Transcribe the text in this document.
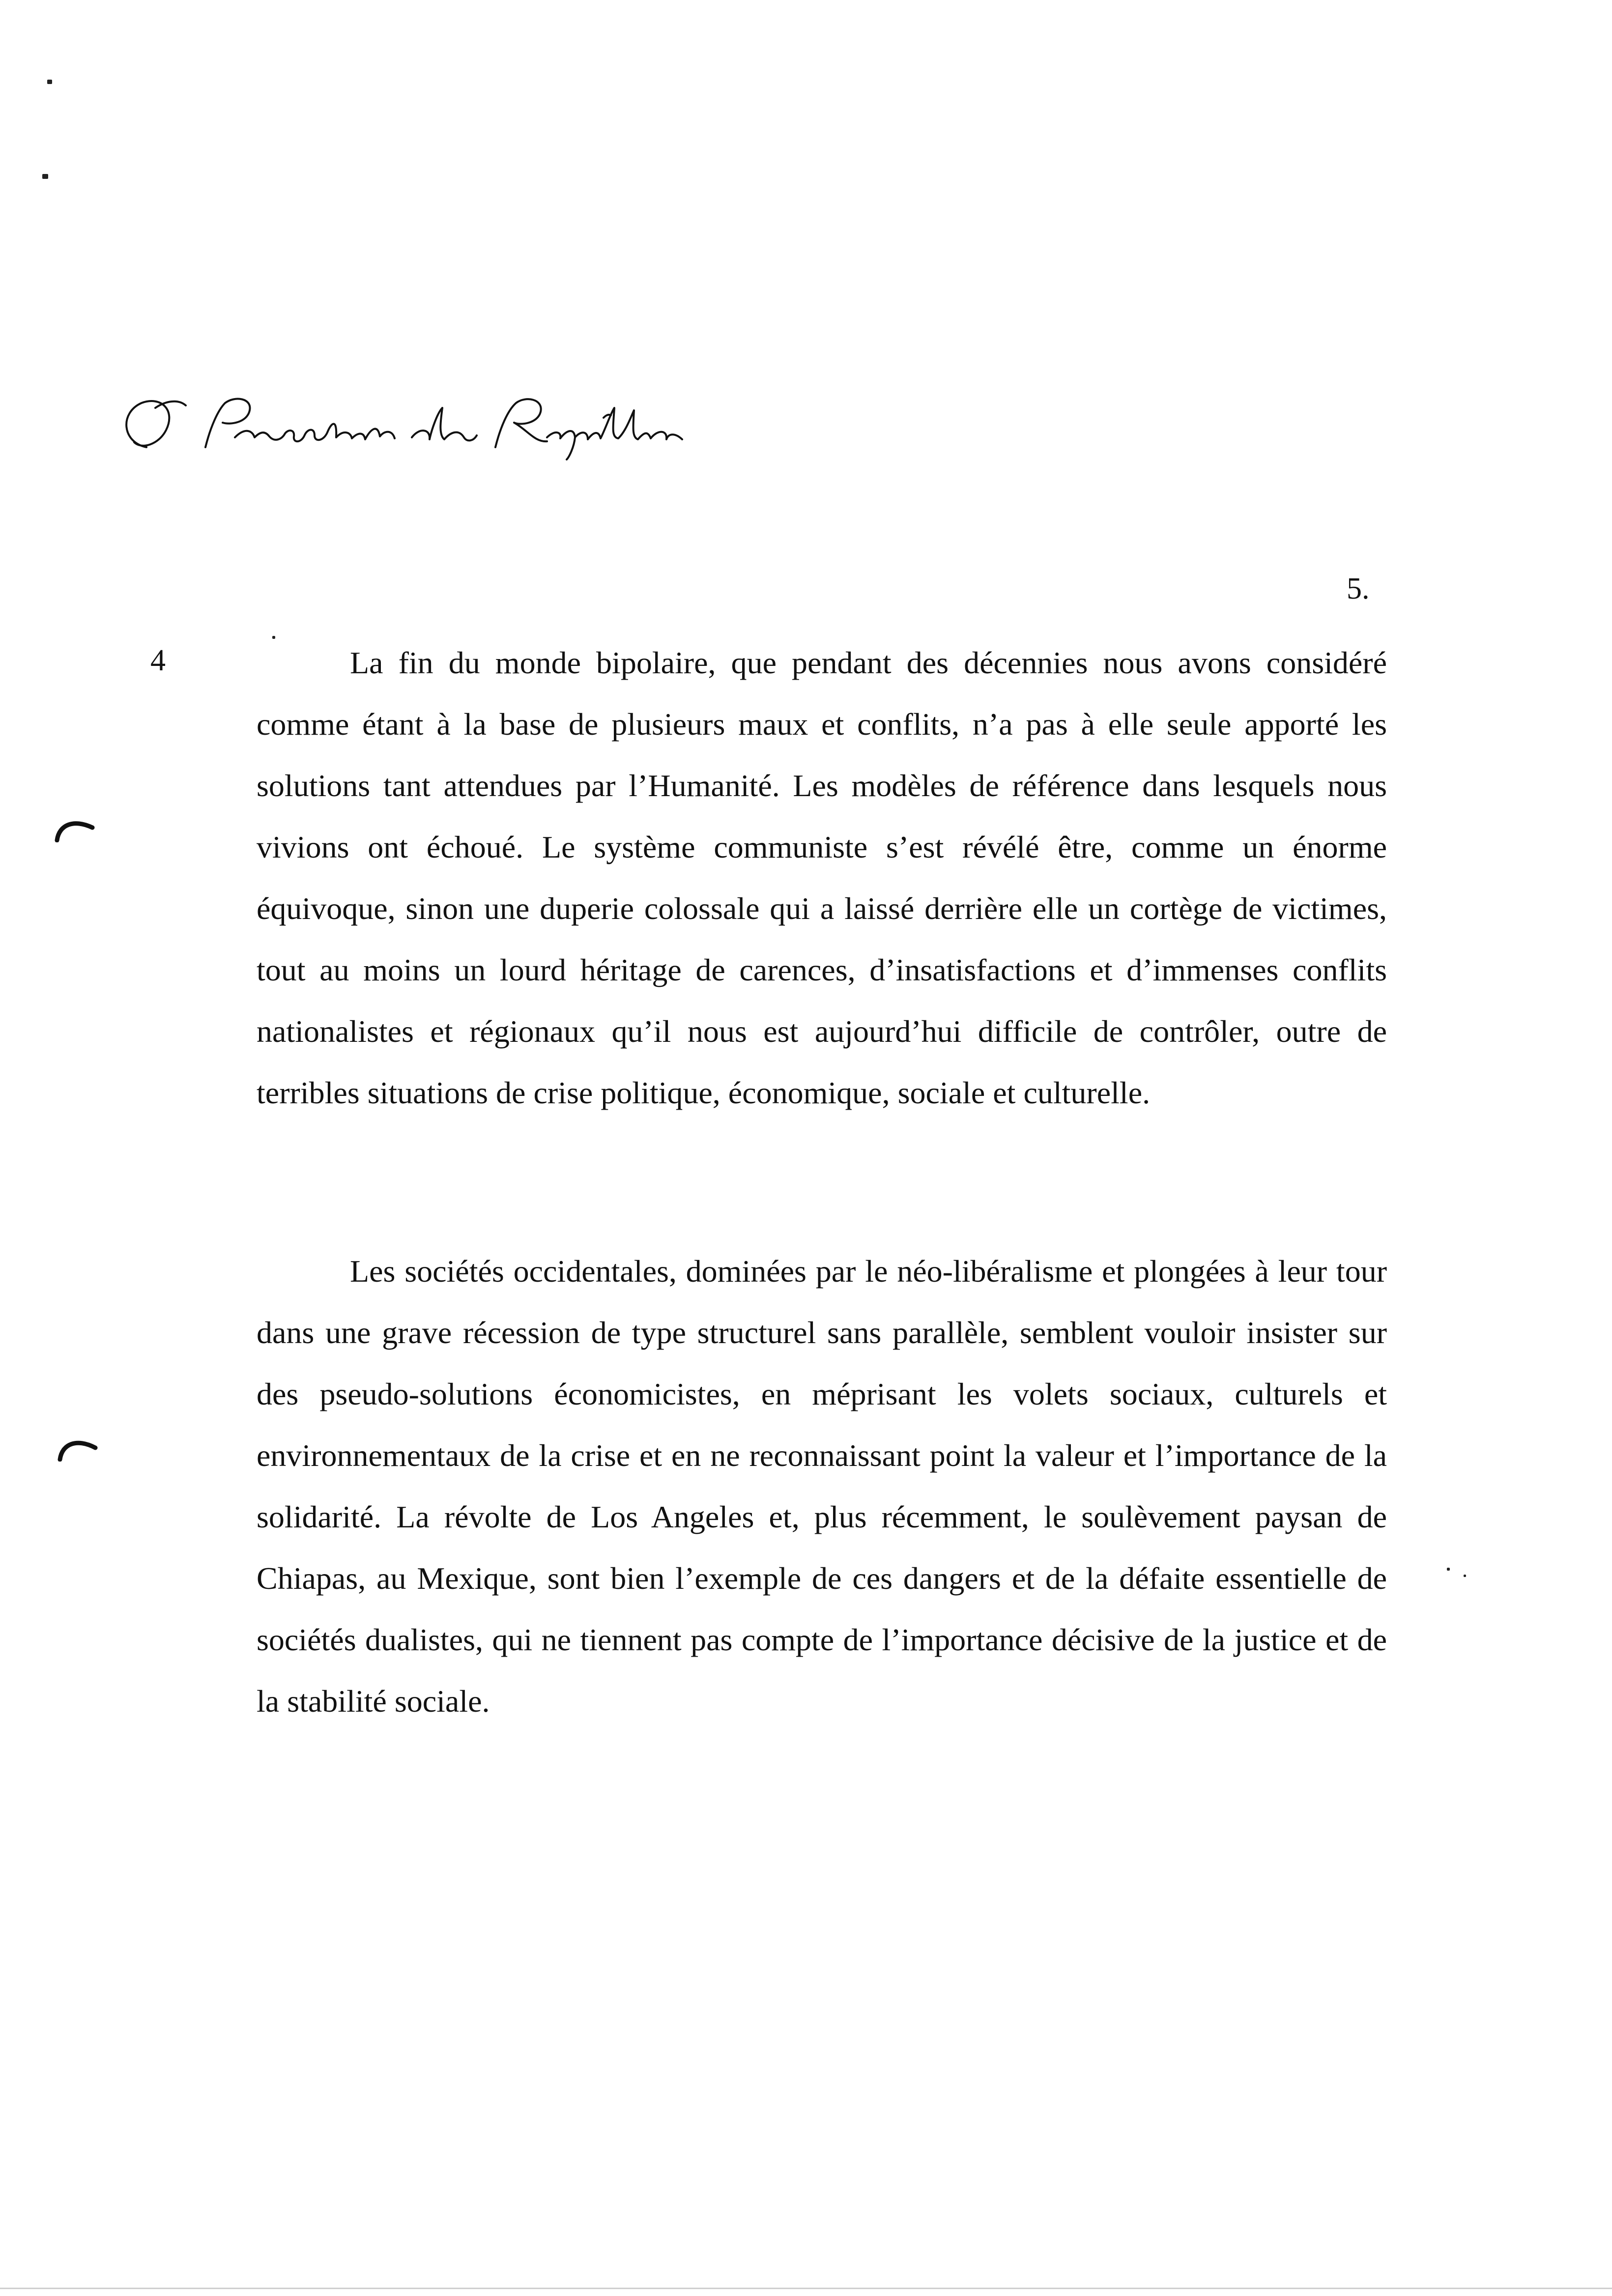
5.
4	La fin du monde bipolaire, que pendant des décennies nous avons considéré comme étant à la base de plusieurs maux et conflits, n’a pas à elle seule apporté les solutions tant attendues par l’Humanité. Les modèles de référence dans lesquels nous vivions ont échoué. Le système communiste s’est révélé être, comme un énorme équivoque, sinon une duperie colossale qui a laissé derrière elle un cortège de victimes, tout au moins un lourd héritage de carences, d’insatisfactions et d’immenses conflits nationalistes et régionaux qu’il nous est aujourd’hui difficile de contrôler, outre de terribles situations de crise politique, économique, sociale et culturelle.

Les sociétés occidentales, dominées par le néo-libéralisme et plongées à leur tour dans une grave récession de type structurel sans parallèle, semblent vouloir insister sur des pseudo-solutions économicistes, en méprisant les volets sociaux, culturels et environnementaux de la crise et en ne reconnaissant point la valeur et l’importance de la solidarité. La révolte de Los Angeles et, plus récemment, le soulèvement paysan de Chiapas, au Mexique, sont bien l’exemple de ces dangers et de la défaite essentielle de sociétés dualistes, qui ne tiennent pas compte de l’importance décisive de la justice et de la stabilité sociale.
